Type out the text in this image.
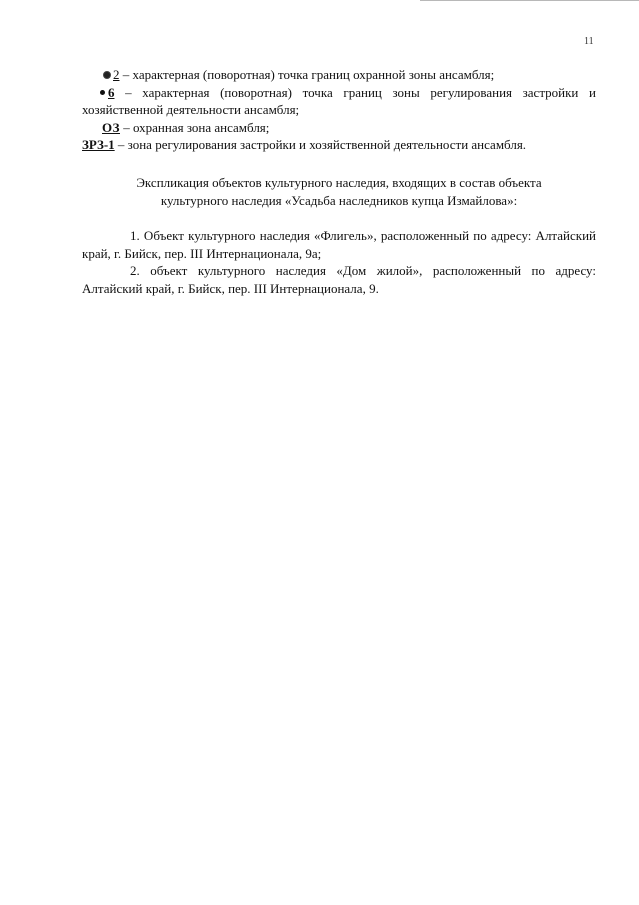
11

2 – характерная (поворотная) точка границ охранной зоны ансамбля;

6 – характерная (поворотная) точка границ зоны регулирования застройки и хозяйственной деятельности ансамбля;

ОЗ – охранная зона ансамбля;

ЗРЗ-1 – зона регулирования застройки и хозяйственной деятельности ансамбля.

Экспликация объектов культурного наследия, входящих в состав объекта
культурного наследия «Усадьба наследников купца Измайлова»:

1. Объект культурного наследия «Флигель», расположенный по адресу: Алтайский край, г. Бийск, пер. III Интернационала, 9а;

2. объект культурного наследия «Дом жилой», расположенный по адресу: Алтайский край, г. Бийск, пер. III Интернационала, 9.
